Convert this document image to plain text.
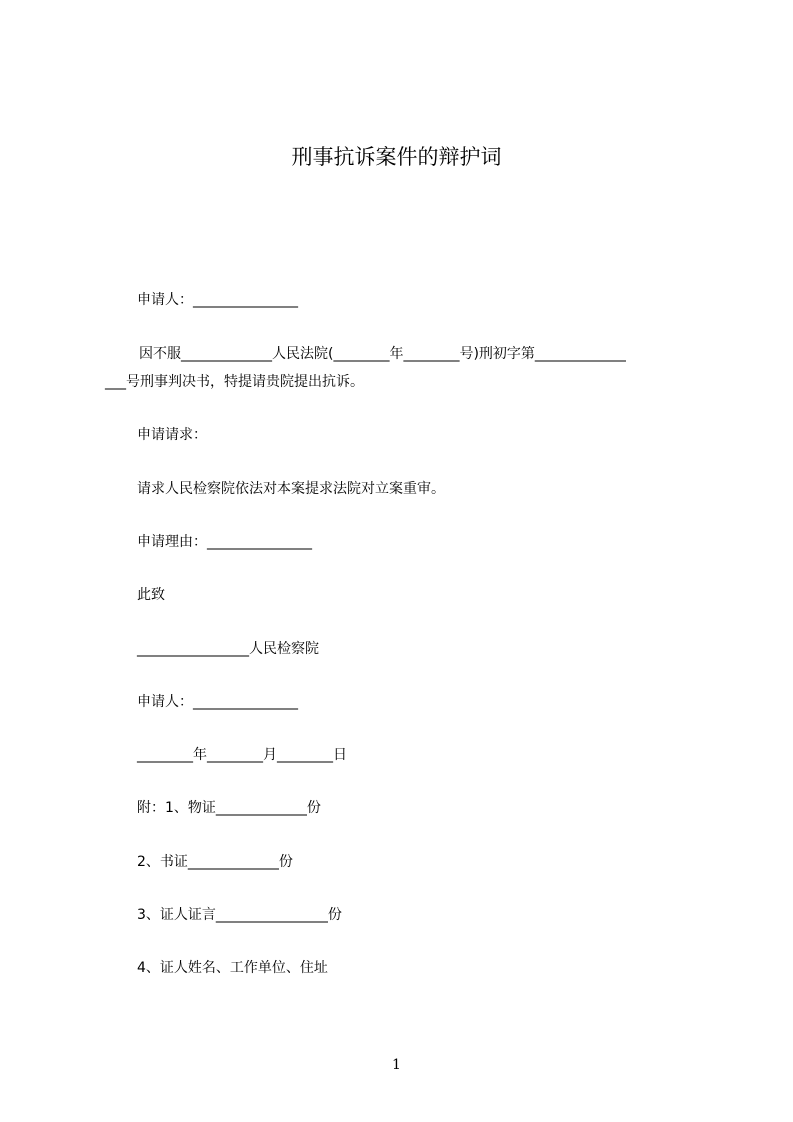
刑事抗诉案件的辩护词
申请人：_______________
因不服_____________人民法院(________年________号)刑初字第_____________
___号刑事判决书，特提请贵院提出抗诉。
申请请求：
请求人民检察院依法对本案提求法院对立案重审。
申请理由：_______________
此致
________________人民检察院
申请人：_______________
________年________月________日
附：1、物证_____________份
2、书证_____________份
3、证人证言________________份
4、证人姓名、工作单位、住址
1
